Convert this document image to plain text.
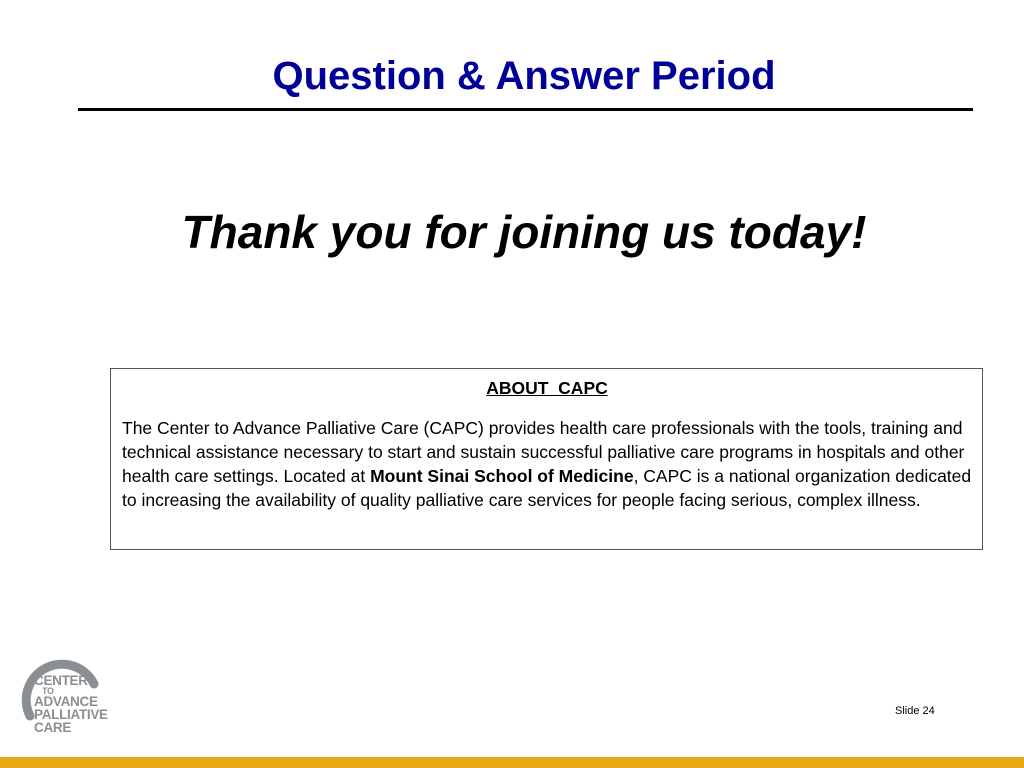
Question & Answer Period

Thank you for joining us today!

ABOUT  CAPC

The Center to Advance Palliative Care (CAPC) provides health care professionals with the tools, training and technical assistance necessary to start and sustain successful palliative care programs in hospitals and other health care settings. Located at Mount Sinai School of Medicine, CAPC is a national organization dedicated to increasing the availability of quality palliative care services for people facing serious, complex illness.

CENTER
TO
ADVANCE
PALLIATIVE
CARE
Slide 24
